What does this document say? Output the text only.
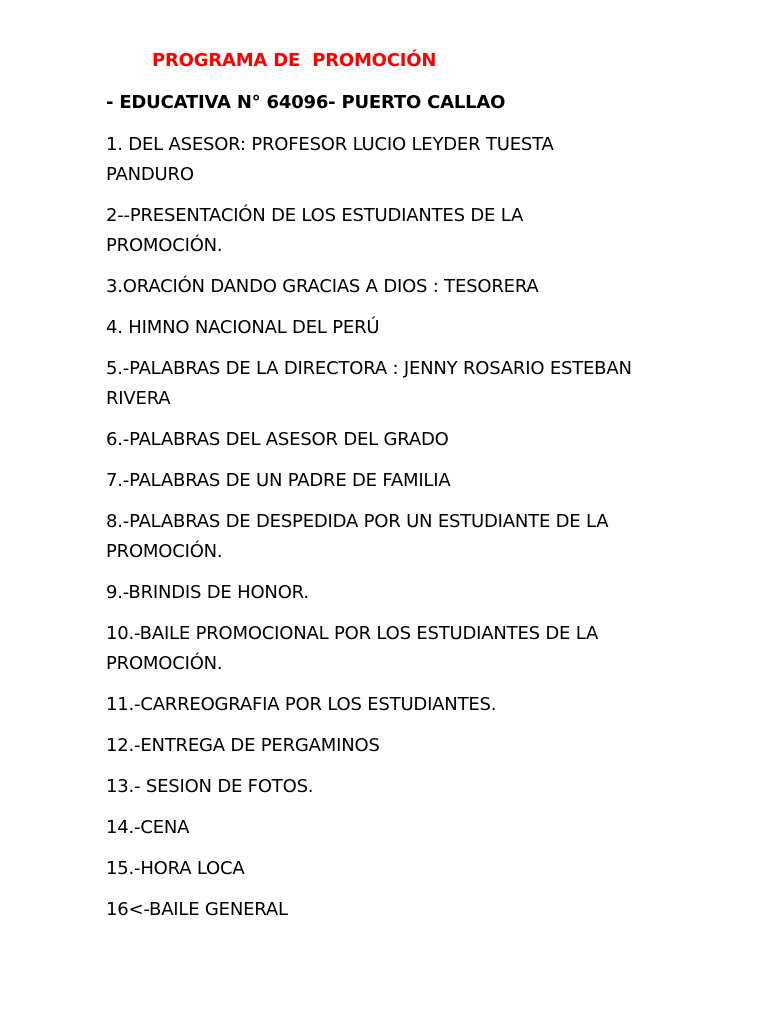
PROGRAMA DE  PROMOCIÓN
- EDUCATIVA N° 64096- PUERTO CALLAO
1. DEL ASESOR: PROFESOR LUCIO LEYDER TUESTA
PANDURO
2--PRESENTACIÓN DE LOS ESTUDIANTES DE LA
PROMOCIÓN.
3.ORACIÓN DANDO GRACIAS A DIOS : TESORERA
4. HIMNO NACIONAL DEL PERÚ
5.-PALABRAS DE LA DIRECTORA : JENNY ROSARIO ESTEBAN
RIVERA
6.-PALABRAS DEL ASESOR DEL GRADO
7.-PALABRAS DE UN PADRE DE FAMILIA
8.-PALABRAS DE DESPEDIDA POR UN ESTUDIANTE DE LA
PROMOCIÓN.
9.-BRINDIS DE HONOR.
10.-BAILE PROMOCIONAL POR LOS ESTUDIANTES DE LA
PROMOCIÓN.
11.-CARREOGRAFIA POR LOS ESTUDIANTES.
12.-ENTREGA DE PERGAMINOS
13.- SESION DE FOTOS.
14.-CENA
15.-HORA LOCA
16<-BAILE GENERAL
